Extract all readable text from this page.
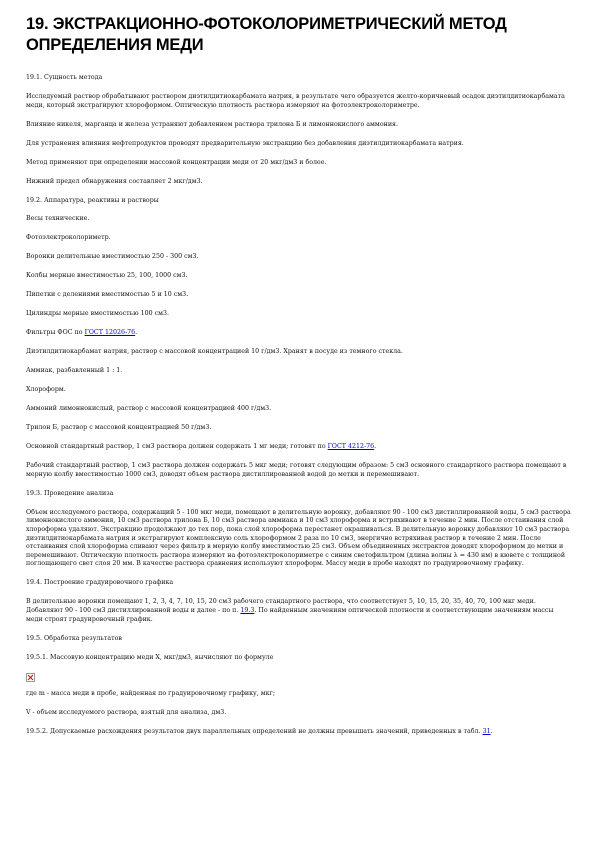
19. ЭКСТРАКЦИОННО-ФОТОКОЛОРИМЕТРИЧЕСКИЙ МЕТОД ОПРЕДЕЛЕНИЯ МЕДИ

19.1. Сущность метода

Исследуемый раствор обрабатывают раствором диэтилдитиокарбамата натрия, в результате чего образуется желто-коричневый осадок диэтилдитиокарбамата меди, который экстрагируют хлороформом. Оптическую плотность раствора измеряют на фотоэлектроколориметре.

Влияние никеля, марганца и железа устраняют добавлением раствора трилона Б и лимоннокислого аммония.

Для устранения влияния нефтепродуктов проводят предварительную экстракцию без добавления диэтилдитиокарбамата натрия.

Метод применяют при определении массовой концентрации меди от 20 мкг/дм3 и более.

Нижний предел обнаружения составляет 2 мкг/дм3.

19.2. Аппаратура, реактивы и растворы

Весы технические.

Фотоэлектроколориметр.

Воронки делительные вместимостью 250 - 300 см3.

Колбы мерные вместимостью 25, 100, 1000 см3.

Пипетки с делениями вместимостью 5 и 10 см3.

Цилиндры мерные вместимостью 100 см3.

Фильтры ФОС по ГОСТ 12026-76.

Диэтилдитиокарбамат натрия, раствор с массовой концентрацией 10 г/дм3. Хранят в посуде из темного стекла.

Аммиак, разбавленный 1 : 1.

Хлороформ.

Аммоний лимоннокислый, раствор с массовой концентрацией 400 г/дм3.

Трилон Б, раствор с массовой концентрацией 50 г/дм3.

Основной стандартный раствор, 1 см3 раствора должен содержать 1 мг меди; готовят по ГОСТ 4212-76.

Рабочий стандартный раствор, 1 см3 раствора должен содержать 5 мкг меди; готовят следующим образом: 5 см3 основного стандартного раствора помещают в мерную колбу вместимостью 1000 см3, доводят объем раствора дистиллированной водой до метки и перемешивают.

19.3. Проведение анализа

Объем исследуемого раствора, содержащий 5 - 100 мкг меди, помещают в делительную воронку, добавляют 90 - 100 см3 дистиллированной воды, 5 см3 раствора лимоннокислого аммония, 10 см3 раствора трилона Б, 10 см3 раствора аммиака и 10 см3 хлороформа и встряхивают в течение 2 мин. После отстаивания слой хлороформа удаляют. Экстракцию продолжают до тех пор, пока слой хлороформа перестанет окрашиваться. В делительную воронку добавляют 10 см3 раствора диэтилдитиокарбамата натрия и экстрагируют комплексную соль хлороформом 2 раза по 10 см3, энергично встряхивая раствор в течение 2 мин. После отстаивания слой хлороформа сливают через фильтр в мерную колбу вместимостью 25 см3. Объем объединенных экстрактов доводят хлороформом до метки и перемешивают. Оптическую плотность раствора измеряют на фотоэлектроколориметре с синим светофильтром (длина волны λ = 430 нм) в кювете с толщиной поглощающего свет слоя 20 мм. В качестве раствора сравнения используют хлороформ. Массу меди в пробе находят по градуировочному графику.

19.4. Построение градуировочного графика

В делительные воронки помещают 1, 2, 3, 4, 7, 10, 15, 20 см3 рабочего стандартного раствора, что соответствует 5, 10, 15, 20, 35, 40, 70, 100 мкг меди. Добавляют 90 - 100 см3 дистиллированной воды и далее - по п. 19.3. По найденным значениям оптической плотности и соответствующим значениям массы меди строят градуировочный график.

19.5. Обработка результатов

19.5.1. Массовую концентрацию меди X, мкг/дм3, вычисляют по формуле

где m - масса меди в пробе, найденная по градуировочному графику, мкг;

V - объем исследуемого раствора, взятый для анализа, дм3.

19.5.2. Допускаемые расхождения результатов двух параллельных определений не должны превышать значений, приведенных в табл. 31.
